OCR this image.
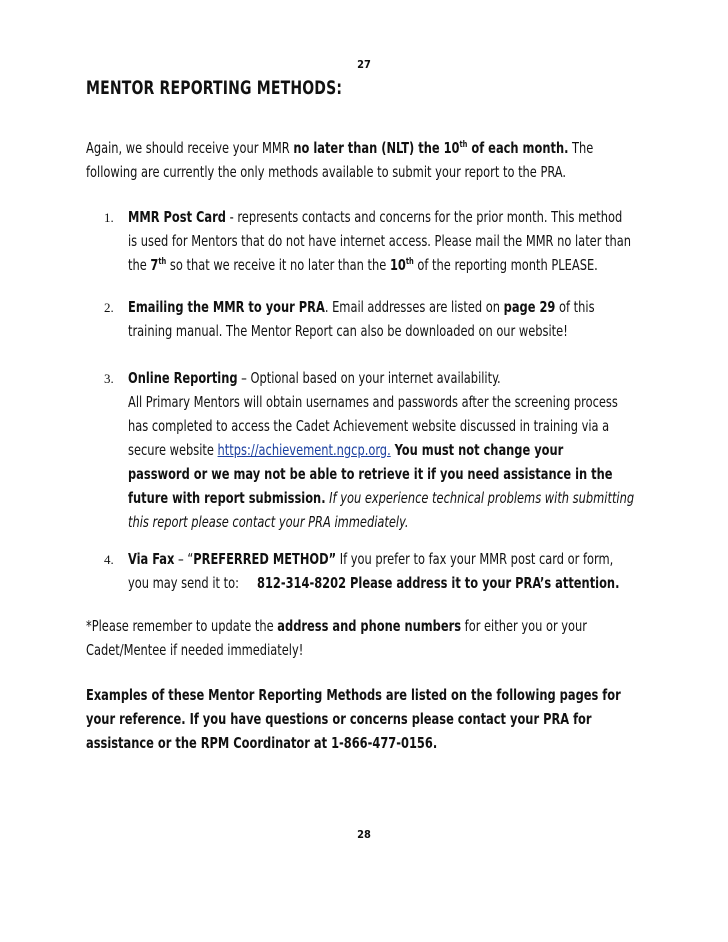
27
MENTOR REPORTING METHODS:
Again, we should receive your MMR no later than (NLT) the 10th of each month. The
following are currently the only methods available to submit your report to the PRA.
1. MMR Post Card - represents contacts and concerns for the prior month. This method
is used for Mentors that do not have internet access. Please mail the MMR no later than
the 7th so that we receive it no later than the 10th of the reporting month PLEASE.
2. Emailing the MMR to your PRA. Email addresses are listed on page 29 of this
training manual. The Mentor Report can also be downloaded on our website!
3. Online Reporting – Optional based on your internet availability.
All Primary Mentors will obtain usernames and passwords after the screening process
has completed to access the Cadet Achievement website discussed in training via a
secure website https://achievement.ngcp.org. You must not change your
password or we may not be able to retrieve it if you need assistance in the
future with report submission. If you experience technical problems with submitting
this report please contact your PRA immediately.
4. Via Fax – “PREFERRED METHOD” If you prefer to fax your MMR post card or form,
you may send it to: 812-314-8202 Please address it to your PRA’s attention.
*Please remember to update the address and phone numbers for either you or your
Cadet/Mentee if needed immediately!
Examples of these Mentor Reporting Methods are listed on the following pages for
your reference. If you have questions or concerns please contact your PRA for
assistance or the RPM Coordinator at 1-866-477-0156.
28
